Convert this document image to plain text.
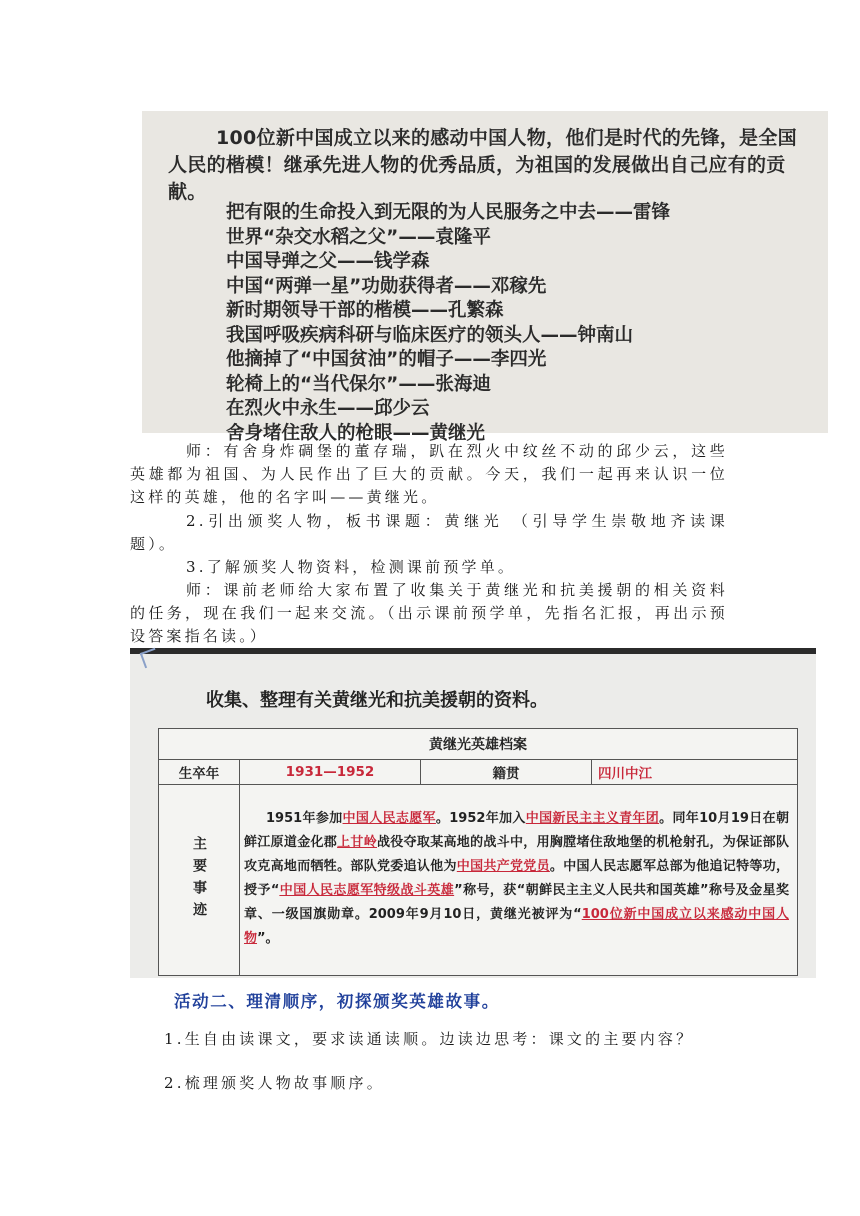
100位新中国成立以来的感动中国人物，他们是时代的先锋，是全国人民的楷模！继承先进人物的优秀品质，为祖国的发展做出自己应有的贡献。
把有限的生命投入到无限的为人民服务之中去——雷锋
世界“杂交水稻之父”——袁隆平
中国导弹之父——钱学森
中国“两弹一星”功勋获得者——邓稼先
新时期领导干部的楷模——孔繁森
我国呼吸疾病科研与临床医疗的领头人——钟南山
他摘掉了“中国贫油”的帽子——李四光
轮椅上的“当代保尔”——张海迪
在烈火中永生——邱少云
舍身堵住敌人的枪眼——黄继光
师：有舍身炸碉堡的董存瑞，趴在烈火中纹丝不动的邱少云，这些英雄都为祖国、为人民作出了巨大的贡献。今天，我们一起再来认识一位这样的英雄，他的名字叫——黄继光。
2.引出颁奖人物，板书课题：黄继光 （引导学生崇敬地齐读课题）。
3.了解颁奖人物资料，检测课前预学单。
师：课前老师给大家布置了收集关于黄继光和抗美援朝的相关资料的任务，现在我们一起来交流。（出示课前预学单，先指名汇报，再出示预设答案指名读。）
收集、整理有关黄继光和抗美援朝的资料。
黄继光英雄档案			
生卒年	1931—1952	籍贯	四川中江
主要事迹	1951年参加中国人民志愿军。1952年加入中国新民主主义青年团。同年10月19日在朝鲜江原道金化郡上甘岭战役夺取某高地的战斗中，用胸膛堵住敌地堡的机枪射孔，为保证部队攻克高地而牺牲。部队党委追认他为中国共产党党员。中国人民志愿军总部为他追记特等功，授予“中国人民志愿军特级战斗英雄”称号，获“朝鲜民主主义人民共和国英雄”称号及金星奖章、一级国旗勋章。2009年9月10日，黄继光被评为“100位新中国成立以来感动中国人物”。		
活动二、理清顺序，初探颁奖英雄故事。
1.生自由读课文，要求读通读顺。边读边思考：课文的主要内容？
2.梳理颁奖人物故事顺序。
